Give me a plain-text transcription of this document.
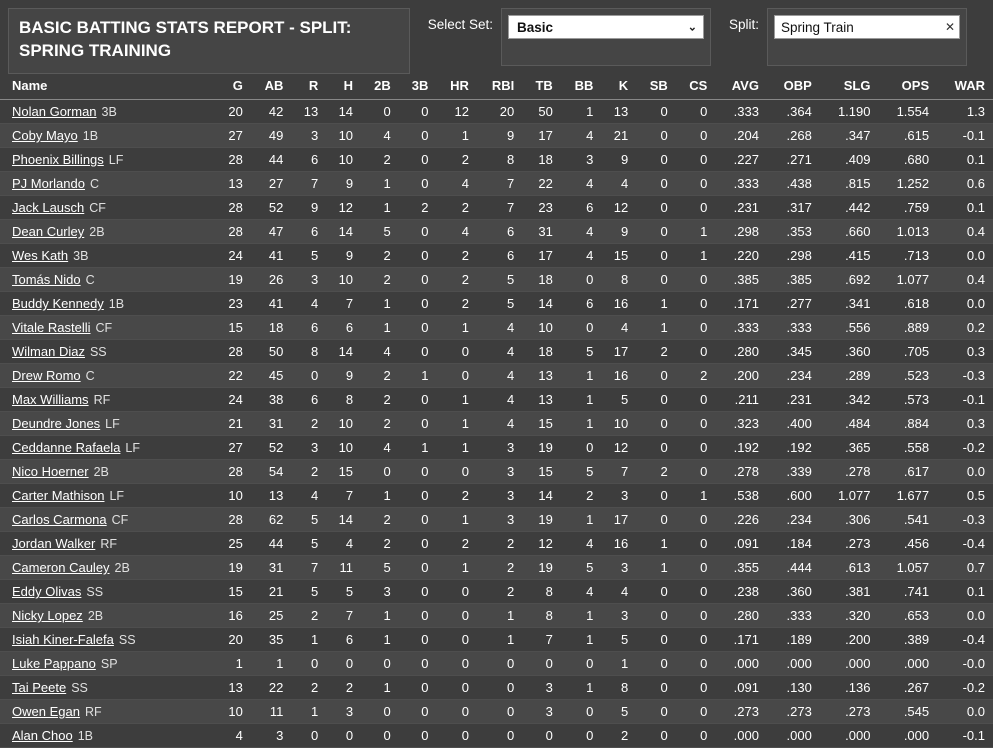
BASIC BATTING STATS REPORT - SPLIT: SPRING TRAINING
Select Set: Basic	⌄ Split:
Spring Train	✕
Name	G	AB	R	H	2B	3B	HR	RBI	TB	BB	K	SB	CS	AVG	OBP	SLG	OPS	WAR
Nolan Gorman 3B	20	42	13	14	0	0	12	20	50	1	13	0	0	.333	.364	1.190	1.554	1.3
Coby Mayo 1B	27	49	3	10	4	0	1	9	17	4	21	0	0	.204	.268	.347	.615	-0.1
Phoenix Billings LF	28	44	6	10	2	0	2	8	18	3	9	0	0	.227	.271	.409	.680	0.1
PJ Morlando C	13	27	7	9	1	0	4	7	22	4	4	0	0	.333	.438	.815	1.252	0.6
Jack Lausch CF	28	52	9	12	1	2	2	7	23	6	12	0	0	.231	.317	.442	.759	0.1
Dean Curley 2B	28	47	6	14	5	0	4	6	31	4	9	0	1	.298	.353	.660	1.013	0.4
Wes Kath 3B	24	41	5	9	2	0	2	6	17	4	15	0	1	.220	.298	.415	.713	0.0
Tomás Nido C	19	26	3	10	2	0	2	5	18	0	8	0	0	.385	.385	.692	1.077	0.4
Buddy Kennedy 1B	23	41	4	7	1	0	2	5	14	6	16	1	0	.171	.277	.341	.618	0.0
Vitale Rastelli CF	15	18	6	6	1	0	1	4	10	0	4	1	0	.333	.333	.556	.889	0.2
Wilman Diaz SS	28	50	8	14	4	0	0	4	18	5	17	2	0	.280	.345	.360	.705	0.3
Drew Romo C	22	45	0	9	2	1	0	4	13	1	16	0	2	.200	.234	.289	.523	-0.3
Max Williams RF	24	38	6	8	2	0	1	4	13	1	5	0	0	.211	.231	.342	.573	-0.1
Deundre Jones LF	21	31	2	10	2	0	1	4	15	1	10	0	0	.323	.400	.484	.884	0.3
Ceddanne Rafaela LF	27	52	3	10	4	1	1	3	19	0	12	0	0	.192	.192	.365	.558	-0.2
Nico Hoerner 2B	28	54	2	15	0	0	0	3	15	5	7	2	0	.278	.339	.278	.617	0.0
Carter Mathison LF	10	13	4	7	1	0	2	3	14	2	3	0	1	.538	.600	1.077	1.677	0.5
Carlos Carmona CF	28	62	5	14	2	0	1	3	19	1	17	0	0	.226	.234	.306	.541	-0.3
Jordan Walker RF	25	44	5	4	2	0	2	2	12	4	16	1	0	.091	.184	.273	.456	-0.4
Cameron Cauley 2B	19	31	7	11	5	0	1	2	19	5	3	1	0	.355	.444	.613	1.057	0.7
Eddy Olivas SS	15	21	5	5	3	0	0	2	8	4	4	0	0	.238	.360	.381	.741	0.1
Nicky Lopez 2B	16	25	2	7	1	0	0	1	8	1	3	0	0	.280	.333	.320	.653	0.0
Isiah Kiner-Falefa SS	20	35	1	6	1	0	0	1	7	1	5	0	0	.171	.189	.200	.389	-0.4
Luke Pappano SP	1	1	0	0	0	0	0	0	0	0	1	0	0	.000	.000	.000	.000	-0.0
Tai Peete SS	13	22	2	2	1	0	0	0	3	1	8	0	0	.091	.130	.136	.267	-0.2
Owen Egan RF	10	11	1	3	0	0	0	0	3	0	5	0	0	.273	.273	.273	.545	0.0
Alan Choo 1B	4	3	0	0	0	0	0	0	0	0	2	0	0	.000	.000	.000	.000	-0.1
